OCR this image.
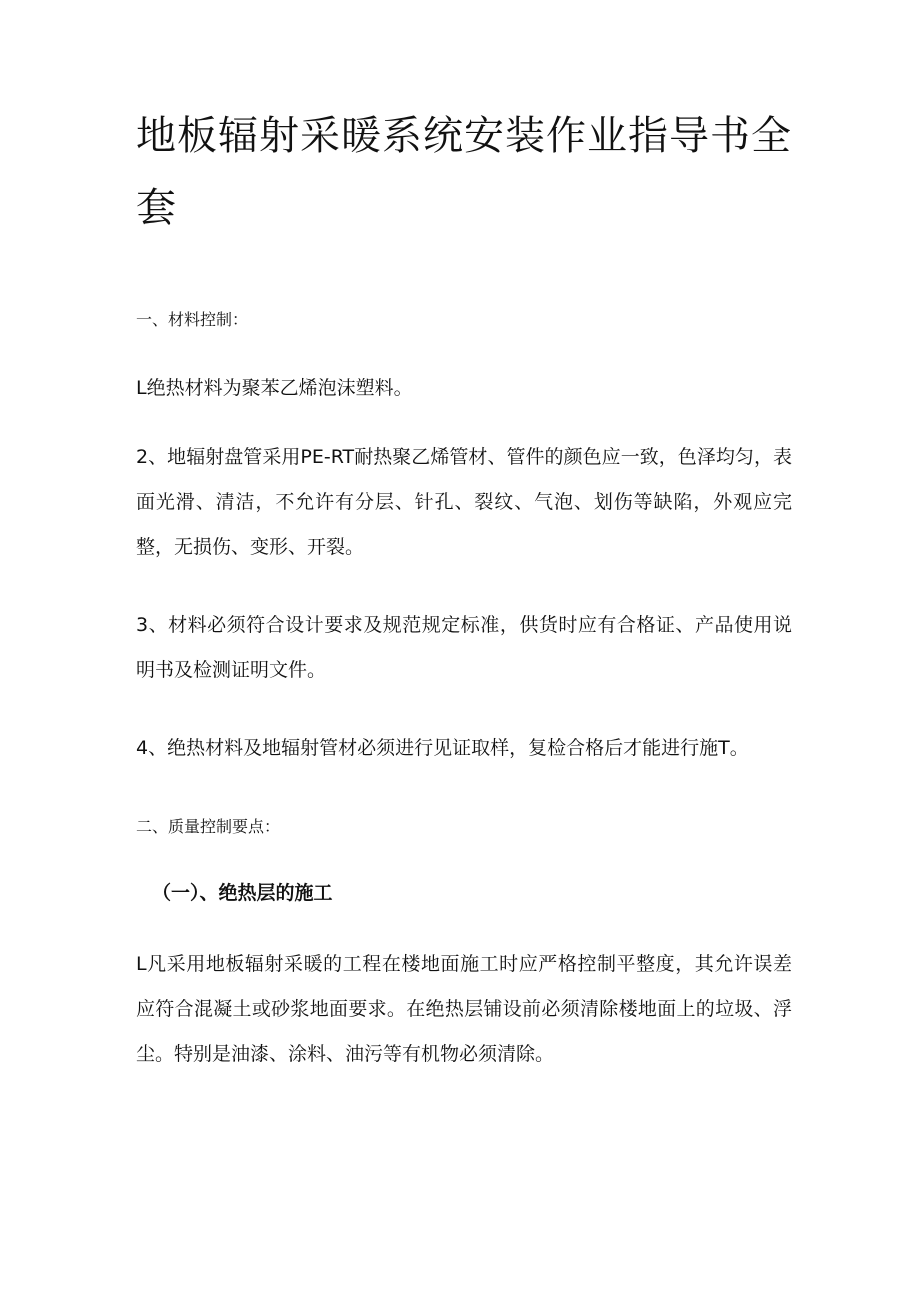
地板辐射采暖系统安装作业指导书全套

一、材料控制：

L绝热材料为聚苯乙烯泡沫塑料。

2、地辐射盘管采用PE-RT耐热聚乙烯管材、管件的颜色应一致，色泽均匀，表面光滑、清洁，不允许有分层、针孔、裂纹、气泡、划伤等缺陷，外观应完整，无损伤、变形、开裂。

3、材料必须符合设计要求及规范规定标准，供货时应有合格证、产品使用说明书及检测证明文件。

4、绝热材料及地辐射管材必须进行见证取样，复检合格后才能进行施T。

二、质量控制要点：

（一）、绝热层的施工

L凡采用地板辐射采暖的工程在楼地面施工时应严格控制平整度，其允许误差应符合混凝土或砂浆地面要求。在绝热层铺设前必须清除楼地面上的垃圾、浮尘。特别是油漆、涂料、油污等有机物必须清除。
